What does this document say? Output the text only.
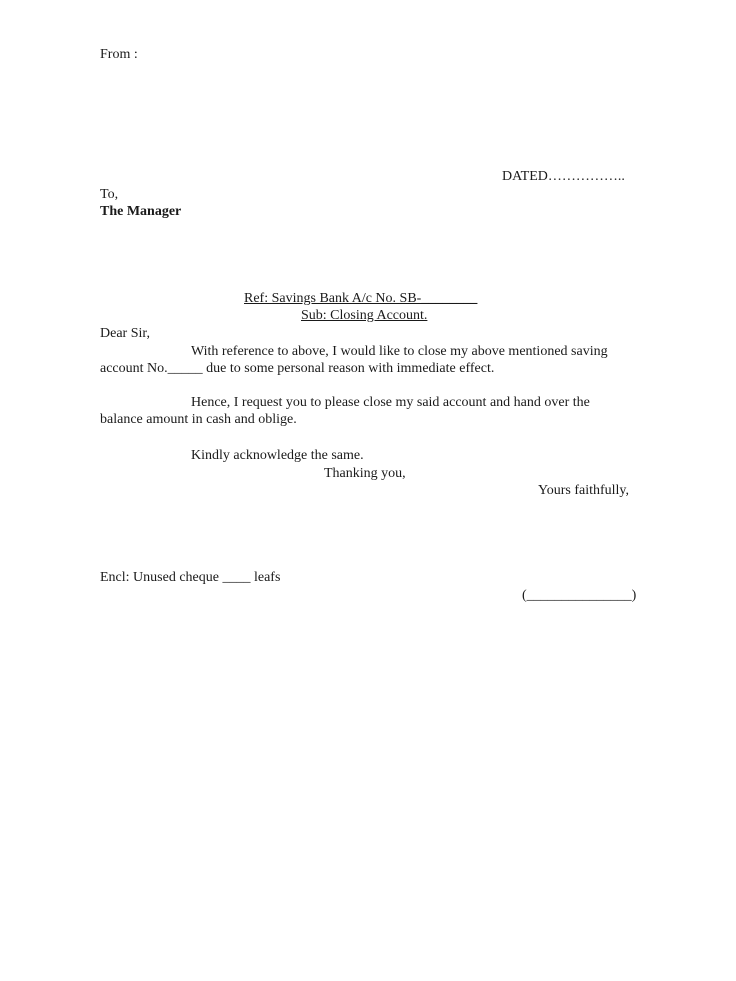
From :
DATED……………..
To,
The Manager
Ref: Savings Bank A/c No. SB-________
Sub: Closing Account.
Dear Sir,
With reference to above, I would like to close my above mentioned saving
account No._____ due to some personal reason with immediate effect.
Hence, I request you to please close my said account and hand over the
balance amount in cash and oblige.
Kindly acknowledge the same.
Thanking you,
Yours faithfully,
Encl: Unused cheque ____ leafs
(_______________)
